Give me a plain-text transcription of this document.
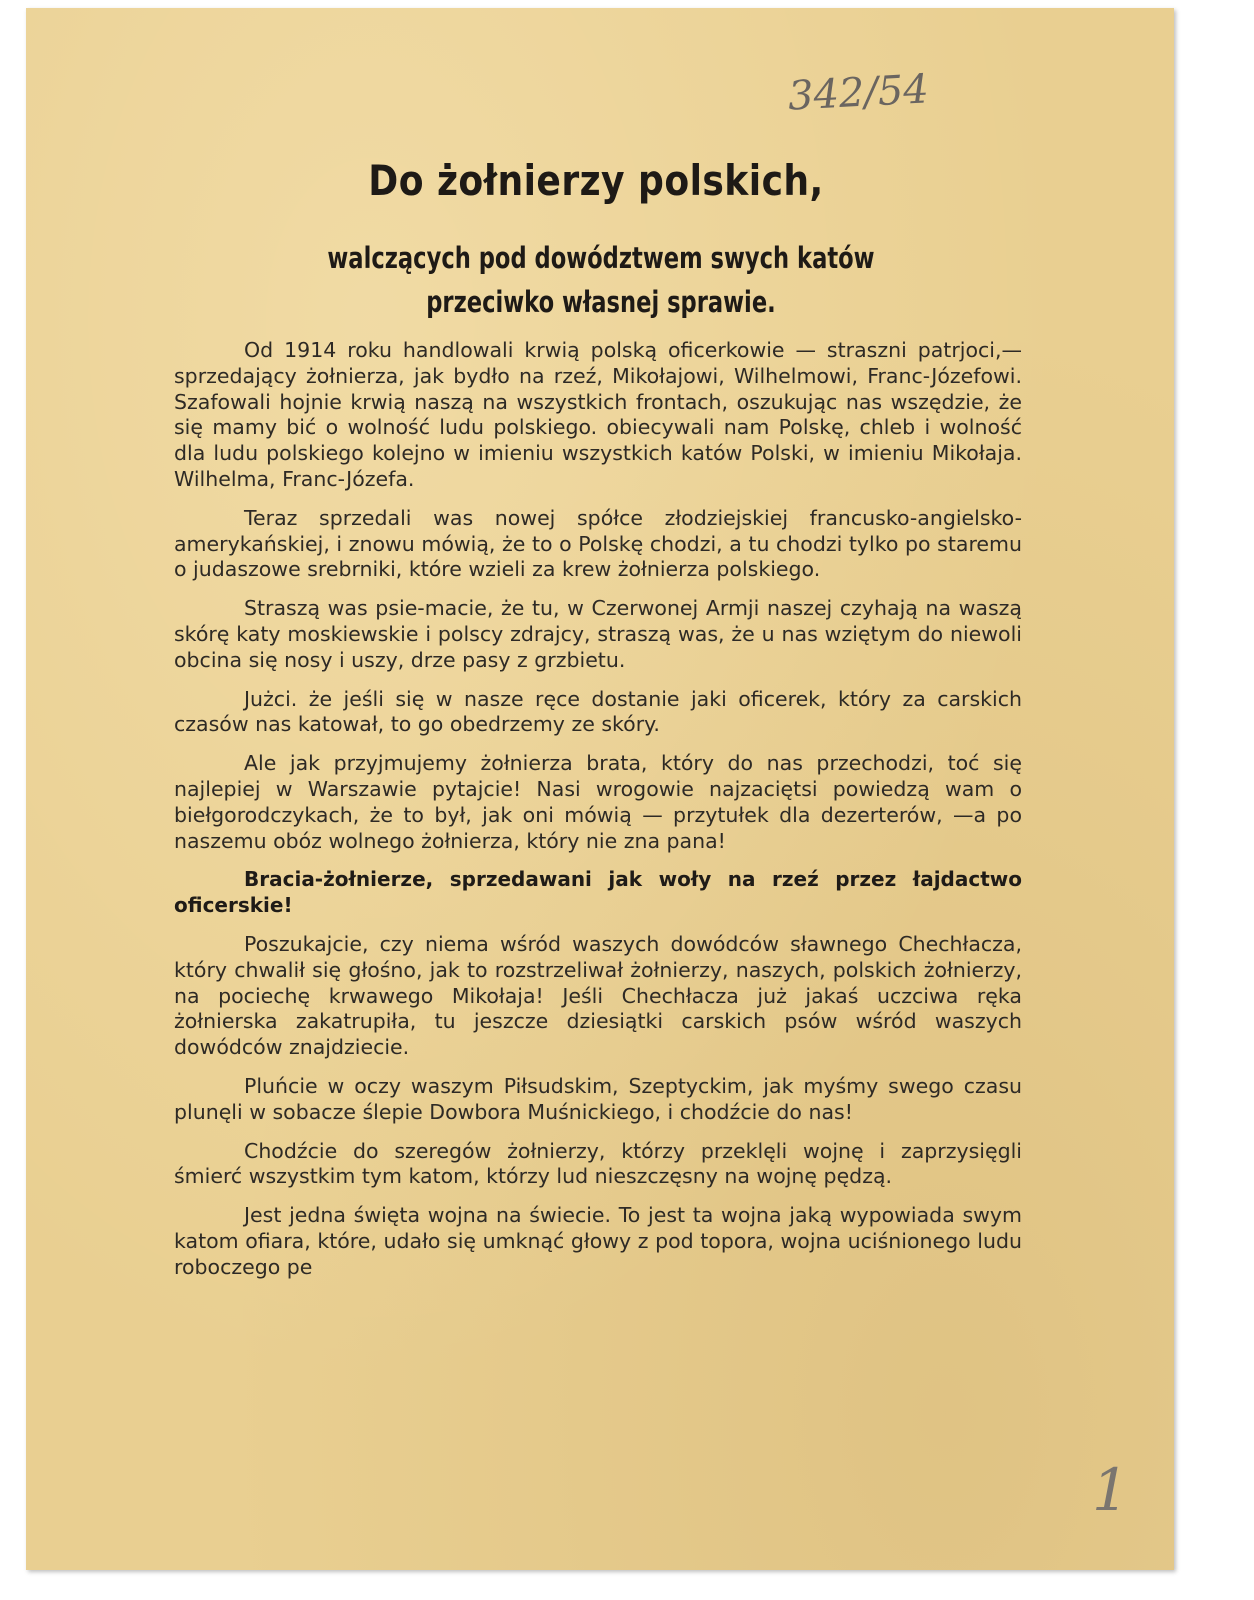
342/54
Do żołnierzy polskich,
walczących pod dowództwem swych katów przeciwko własnej sprawie.

Od 1914 roku handlowali krwią polską oficerkowie — straszni patrjoci,—sprzedający żołnierza, jak bydło na rzeź, Mikołajowi, Wilhelmowi, Franc-Józefowi. Szafowali hojnie krwią naszą na wszystkich frontach, oszukując nas wszędzie, że się mamy bić o wolność ludu polskiego. obiecywali nam Polskę, chleb i wolność dla ludu polskiego kolejno w imieniu wszystkich katów Polski, w imieniu Mikołaja. Wilhelma, Franc-Józefa.

Teraz sprzedali was nowej spółce złodziejskiej francusko-angielsko-amerykańskiej, i znowu mówią, że to o Polskę chodzi, a tu chodzi tylko po staremu o judaszowe srebrniki, które wzieli za krew żołnierza polskiego.

Straszą was psie-macie, że tu, w Czerwonej Armji naszej czyhają na waszą skórę katy moskiewskie i polscy zdrajcy, straszą was, że u nas wziętym do niewoli obcina się nosy i uszy, drze pasy z grzbietu.

Jużci. że jeśli się w nasze ręce dostanie jaki oficerek, który za carskich czasów nas katował, to go obedrzemy ze skóry.

Ale jak przyjmujemy żołnierza brata, który do nas przechodzi, toć się najlepiej w Warszawie pytajcie! Nasi wrogowie najzaciętsi powiedzą wam o biełgorodczykach, że to był, jak oni mówią — przytułek dla dezerterów, —a po naszemu obóz wolnego żołnierza, który nie zna pana!

Bracia-żołnierze, sprzedawani jak woły na rzeź przez łajdactwo oficerskie!

Poszukajcie, czy niema wśród waszych dowódców sławnego Chechłacza, który chwalił się głośno, jak to rozstrzeliwał żołnierzy, naszych, polskich żołnierzy, na pociechę krwawego Mikołaja! Jeśli Chechłacza już jakaś uczciwa ręka żołnierska zakatrupiła, tu jeszcze dziesiątki carskich psów wśród waszych dowódców znajdziecie.

Pluńcie w oczy waszym Piłsudskim, Szeptyckim, jak myśmy swego czasu plunęli w sobacze ślepie Dowbora Muśnickiego, i chodźcie do nas!

Chodźcie do szeregów żołnierzy, którzy przeklęli wojnę i zaprzysięgli śmierć wszystkim tym katom, którzy lud nieszczęsny na wojnę pędzą.

Jest jedna święta wojna na świecie. To jest ta wojna jaką wypowiada swym katom ofiara, które, udało się umknąć głowy z pod topora, wojna uciśnionego ludu roboczego pe

1
